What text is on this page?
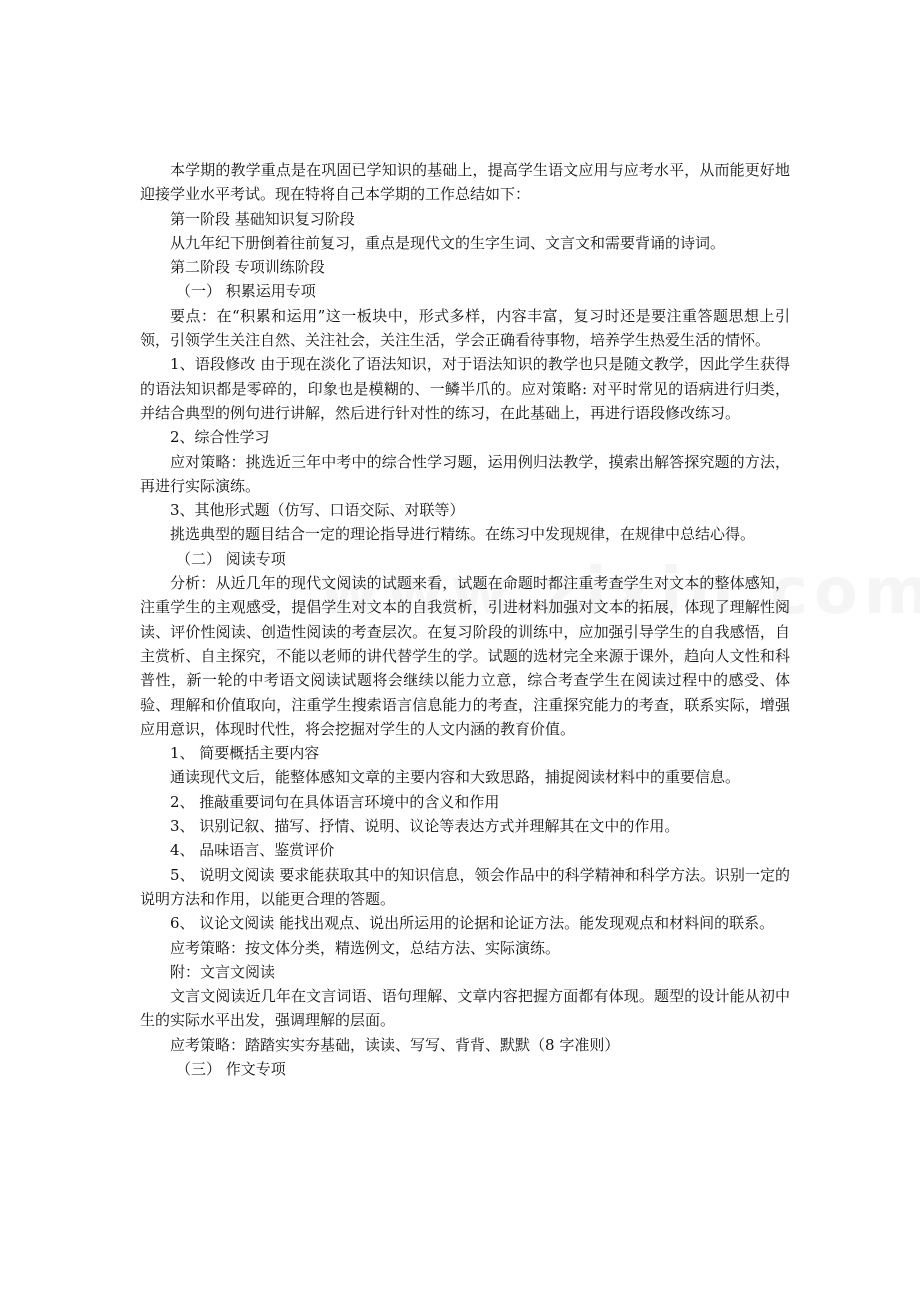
本学期的教学重点是在巩固已学知识的基础上，提高学生语文应用与应考水平，从而能更好地迎接学业水平考试。现在特将自己本学期的工作总结如下：

第一阶段 基础知识复习阶段

从九年纪下册倒着往前复习，重点是现代文的生字生词、文言文和需要背诵的诗词。

第二阶段 专项训练阶段

（一） 积累运用专项

要点：在“积累和运用”这一板块中，形式多样，内容丰富，复习时还是要注重答题思想上引领，引领学生关注自然、关注社会，关注生活，学会正确看待事物，培养学生热爱生活的情怀。

1、语段修改 由于现在淡化了语法知识，对于语法知识的教学也只是随文教学，因此学生获得的语法知识都是零碎的，印象也是模糊的、一鳞半爪的。应对策略: 对平时常见的语病进行归类，并结合典型的例句进行讲解，然后进行针对性的练习，在此基础上，再进行语段修改练习。

2、综合性学习

应对策略：挑选近三年中考中的综合性学习题，运用例归法教学，摸索出解答探究题的方法，再进行实际演练。

3、其他形式题（仿写、口语交际、对联等）

挑选典型的题目结合一定的理论指导进行精练。在练习中发现规律，在规律中总结心得。

（二） 阅读专项

分析：从近几年的现代文阅读的试题来看，试题在命题时都注重考查学生对文本的整体感知，注重学生的主观感受，提倡学生对文本的自我赏析，引进材料加强对文本的拓展，体现了理解性阅读、评价性阅读、创造性阅读的考查层次。在复习阶段的训练中，应加强引导学生的自我感悟，自主赏析、自主探究，不能以老师的讲代替学生的学。试题的选材完全来源于课外，趋向人文性和科普性，新一轮的中考语文阅读试题将会继续以能力立意，综合考查学生在阅读过程中的感受、体验、理解和价值取向，注重学生搜索语言信息能力的考查，注重探究能力的考查，联系实际，增强应用意识，体现时代性，将会挖掘对学生的人文内涵的教育价值。

1、 简要概括主要内容

通读现代文后，能整体感知文章的主要内容和大致思路，捕捉阅读材料中的重要信息。

2、 推敲重要词句在具体语言环境中的含义和作用

3、 识别记叙、描写、抒情、说明、议论等表达方式并理解其在文中的作用。

4、 品味语言、鉴赏评价

5、 说明文阅读 要求能获取其中的知识信息，领会作品中的科学精神和科学方法。识别一定的说明方法和作用，以能更合理的答题。

6、 议论文阅读 能找出观点、说出所运用的论据和论证方法。能发现观点和材料间的联系。

应考策略：按文体分类，精选例文，总结方法、实际演练。

附：文言文阅读

文言文阅读近几年在文言词语、语句理解、文章内容把握方面都有体现。题型的设计能从初中生的实际水平出发，强调理解的层面。

应考策略：踏踏实实夯基础，读读、写写、背背、默默（8 字准则）

（三） 作文专项
